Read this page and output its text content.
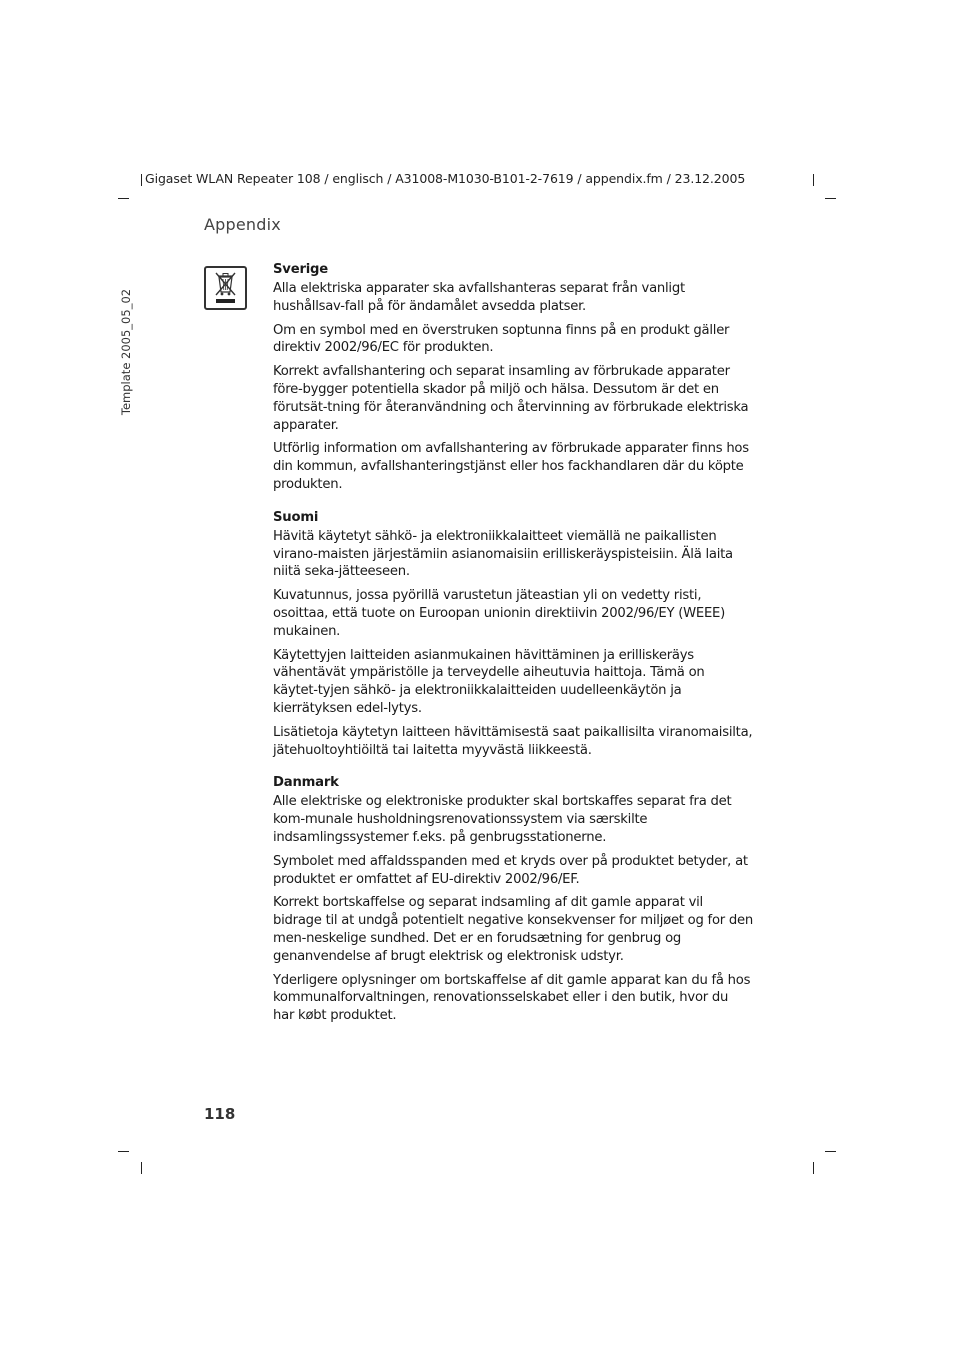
Gigaset WLAN Repeater 108 / englisch / A31008-M1030-B101-2-7619 / appendix.fm / 23.12.2005
Template 2005_05_02
Appendix
Sverige

Alla elektriska apparater ska avfallshanteras separat från vanligt hushållsav-fall på för ändamålet avsedda platser.

Om en symbol med en överstruken soptunna finns på en produkt gäller direktiv 2002/96/EC för produkten.

Korrekt avfallshantering och separat insamling av förbrukade apparater före-bygger potentiella skador på miljö och hälsa. Dessutom är det en förutsät-tning för återanvändning och återvinning av förbrukade elektriska apparater.

Utförlig information om avfallshantering av förbrukade apparater finns hos din kommun, avfallshanteringstjänst eller hos fackhandlaren där du köpte produkten.

Suomi

Hävitä käytetyt sähkö- ja elektroniikkalaitteet viemällä ne paikallisten virano-maisten järjestämiin asianomaisiin erilliskeräyspisteisiin. Älä laita niitä seka-jätteeseen.

Kuvatunnus, jossa pyörillä varustetun jäteastian yli on vedetty risti, osoittaa, että tuote on Euroopan unionin direktiivin 2002/96/EY (WEEE) mukainen.

Käytettyjen laitteiden asianmukainen hävittäminen ja erilliskeräys vähentävät ympäristölle ja terveydelle aiheutuvia haittoja. Tämä on käytet-tyjen sähkö- ja elektroniikkalaitteiden uudelleenkäytön ja kierrätyksen edel-lytys.

Lisätietoja käytetyn laitteen hävittämisestä saat paikallisilta viranomaisilta, jätehuoltoyhtiöiltä tai laitetta myyvästä liikkeestä.

Danmark

Alle elektriske og elektroniske produkter skal bortskaffes separat fra det kom-munale husholdningsrenovationssystem via særskilte indsamlingssystemer f.eks. på genbrugsstationerne.

Symbolet med affaldsspanden med et kryds over på produktet betyder, at produktet er omfattet af EU-direktiv 2002/96/EF.

Korrekt bortskaffelse og separat indsamling af dit gamle apparat vil bidrage til at undgå potentielt negative konsekvenser for miljøet og for den men-neskelige sundhed. Det er en forudsætning for genbrug og genanvendelse af brugt elektrisk og elektronisk udstyr.

Yderligere oplysninger om bortskaffelse af dit gamle apparat kan du få hos kommunalforvaltningen, renovationsselskabet eller i den butik, hvor du har købt produktet.

118
